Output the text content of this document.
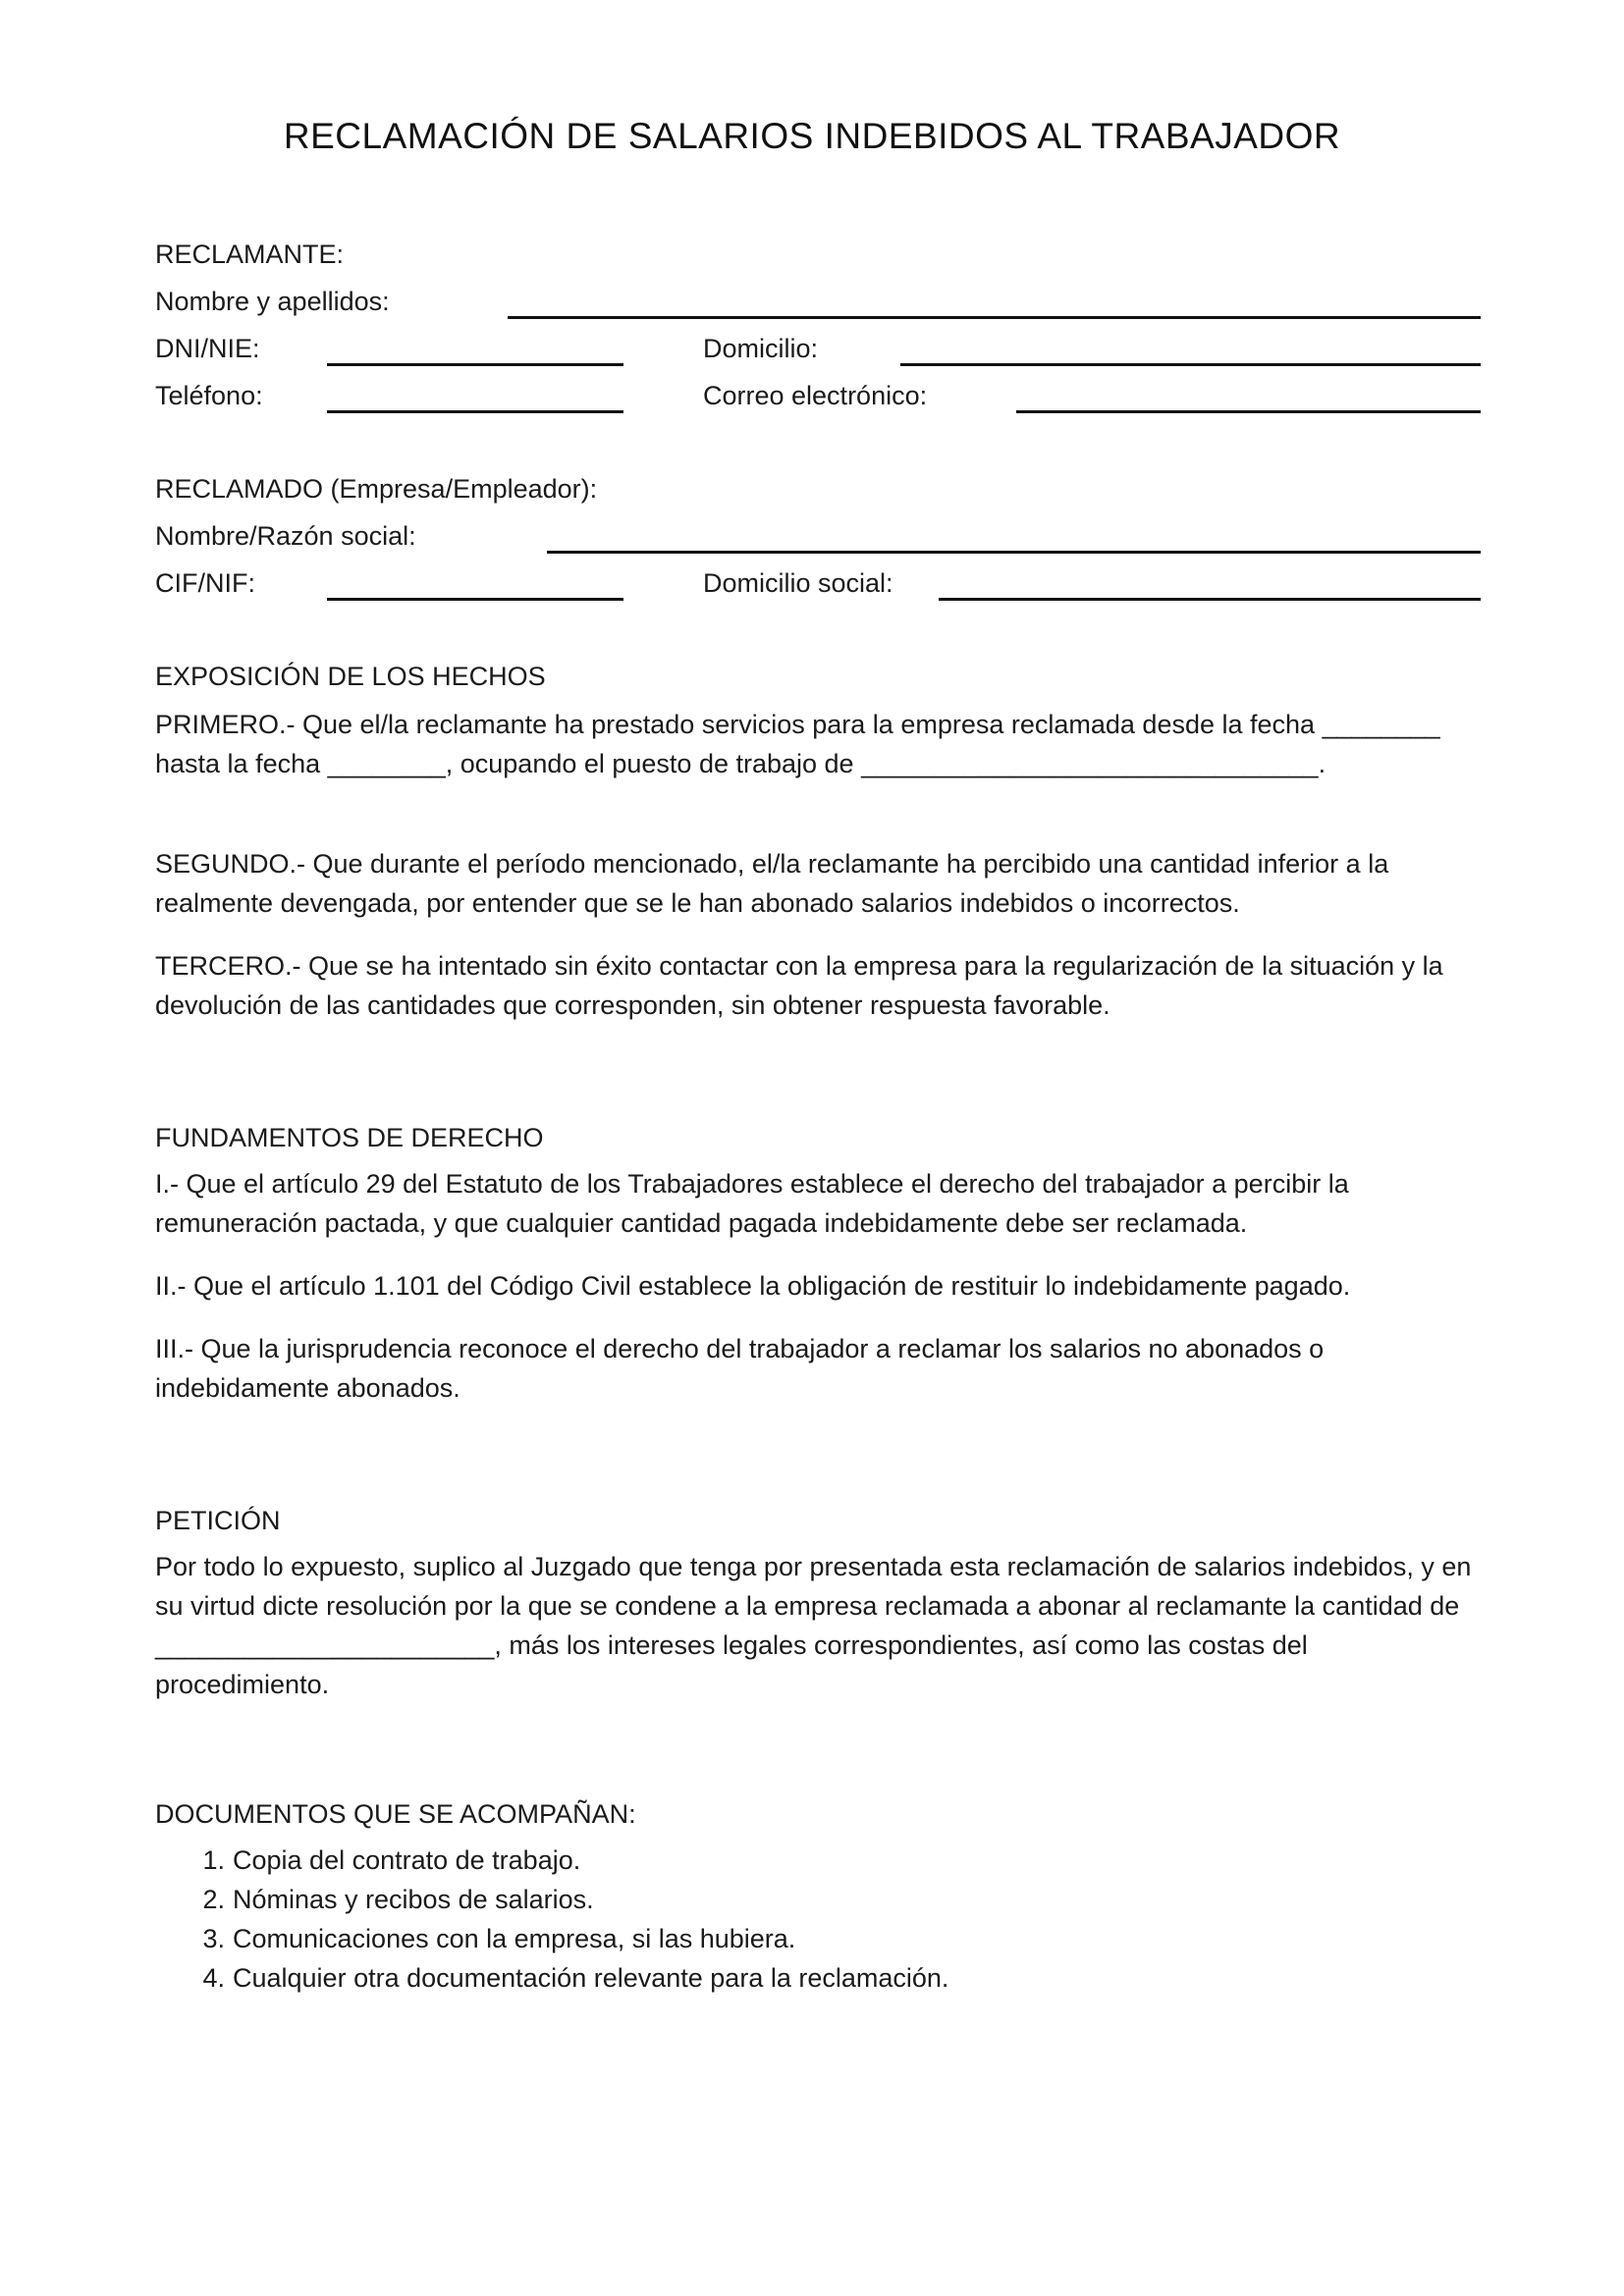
RECLAMACIÓN DE SALARIOS INDEBIDOS AL TRABAJADOR
RECLAMANTE:
Nombre y apellidos:
DNI/NIE:	Domicilio:
Teléfono:	Correo electrónico:
RECLAMADO (Empresa/Empleador):
Nombre/Razón social:
CIF/NIF:	Domicilio social:
EXPOSICIÓN DE LOS HECHOS
PRIMERO.- Que el/la reclamante ha prestado servicios para la empresa reclamada desde la fecha ________ hasta la fecha ________, ocupando el puesto de trabajo de _______________________________.
SEGUNDO.- Que durante el período mencionado, el/la reclamante ha percibido una cantidad inferior a la realmente devengada, por entender que se le han abonado salarios indebidos o incorrectos.
TERCERO.- Que se ha intentado sin éxito contactar con la empresa para la regularización de la situación y la devolución de las cantidades que corresponden, sin obtener respuesta favorable.
FUNDAMENTOS DE DERECHO
I.- Que el artículo 29 del Estatuto de los Trabajadores establece el derecho del trabajador a percibir la remuneración pactada, y que cualquier cantidad pagada indebidamente debe ser reclamada.
II.- Que el artículo 1.101 del Código Civil establece la obligación de restituir lo indebidamente pagado.
III.- Que la jurisprudencia reconoce el derecho del trabajador a reclamar los salarios no abonados o indebidamente abonados.
PETICIÓN
Por todo lo expuesto, suplico al Juzgado que tenga por presentada esta reclamación de salarios indebidos, y en su virtud dicte resolución por la que se condene a la empresa reclamada a abonar al reclamante la cantidad de _______________________, más los intereses legales correspondientes, así como las costas del procedimiento.
DOCUMENTOS QUE SE ACOMPAÑAN:
1. Copia del contrato de trabajo.
2. Nóminas y recibos de salarios.
3. Comunicaciones con la empresa, si las hubiera.
4. Cualquier otra documentación relevante para la reclamación.
